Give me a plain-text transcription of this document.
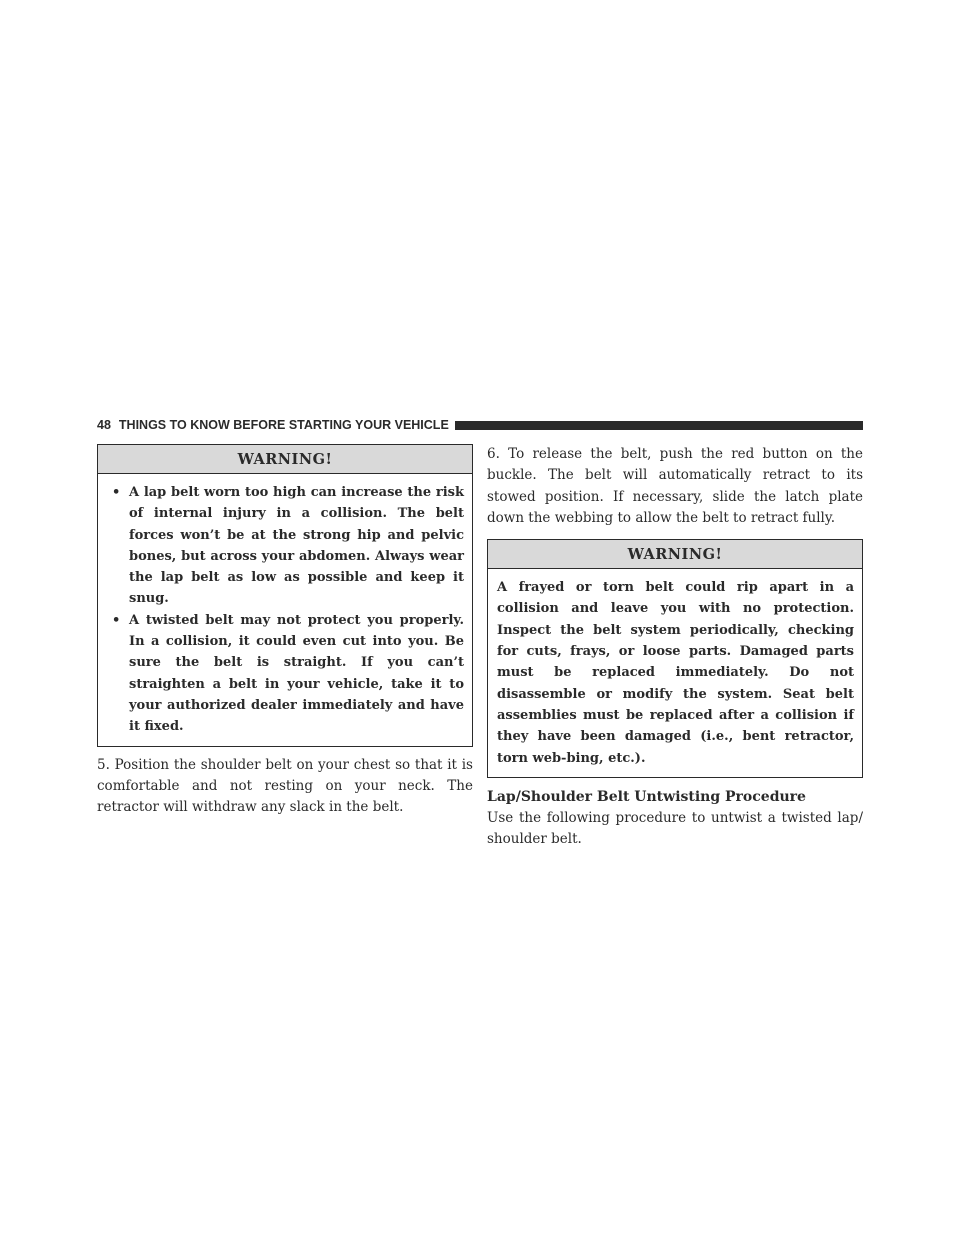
48 THINGS TO KNOW BEFORE STARTING YOUR VEHICLE
WARNING!
• A lap belt worn too high can increase the risk of internal injury in a collision. The belt forces won’t be at the strong hip and pelvic bones, but across your abdomen. Always wear the lap belt as low as possible and keep it snug.
• A twisted belt may not protect you properly. In a collision, it could even cut into you. Be sure the belt is straight. If you can’t straighten a belt in your vehicle, take it to your authorized dealer immediately and have it fixed.

5. Position the shoulder belt on your chest so that it is comfortable and not resting on your neck. The retractor will withdraw any slack in the belt.

6. To release the belt, push the red button on the buckle. The belt will automatically retract to its stowed position. If necessary, slide the latch plate down the webbing to allow the belt to retract fully.

WARNING!
A frayed or torn belt could rip apart in a collision and leave you with no protection. Inspect the belt system periodically, checking for cuts, frays, or loose parts. Damaged parts must be replaced immediately. Do not disassemble or modify the system. Seat belt assemblies must be replaced after a collision if they have been damaged (i.e., bent retractor, torn web-bing, etc.).
Lap/Shoulder Belt Untwisting Procedure

Use the following procedure to untwist a twisted lap/ shoulder belt.
